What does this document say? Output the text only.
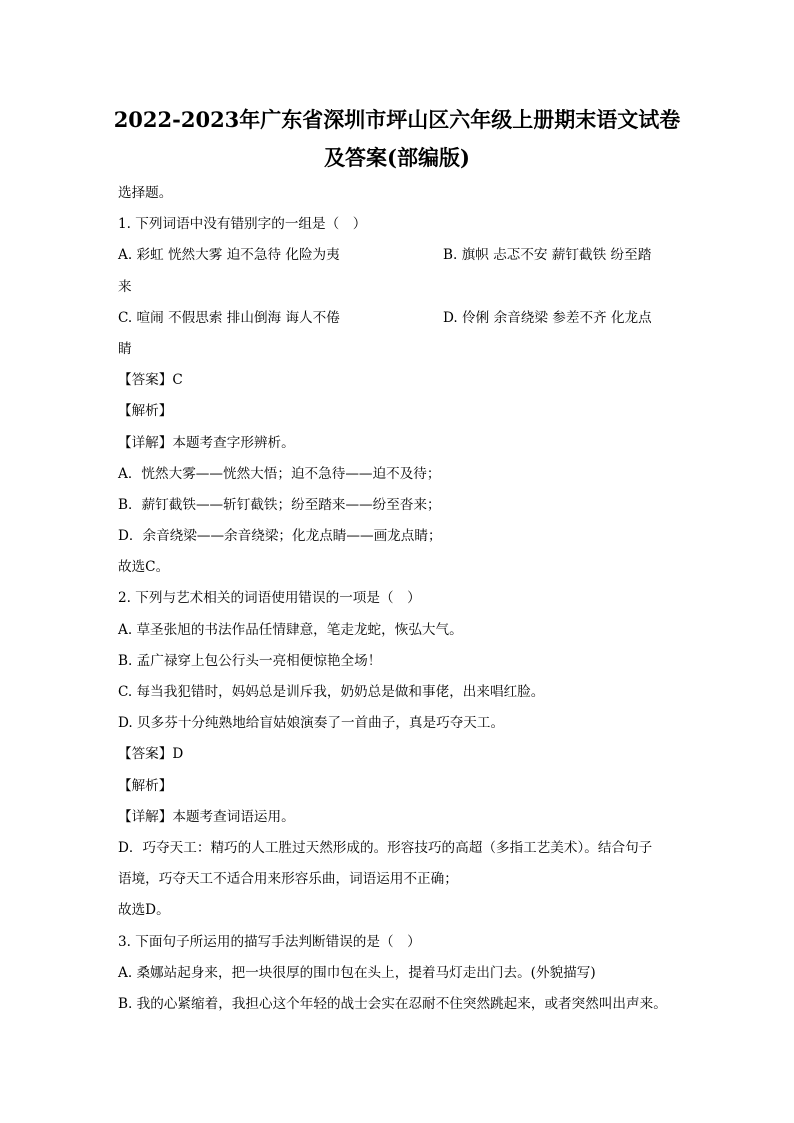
2022-2023年广东省深圳市坪山区六年级上册期末语文试卷
及答案(部编版)
选择题。
1. 下列词语中没有错别字的一组是（　）
A. 彩虹 恍然大雾 迫不急待 化险为夷	B. 旗帜 忐忑不安 薪钉截铁 纷至踏
来
C. 喧闹 不假思索 排山倒海 诲人不倦	D. 伶俐 余音绕梁 参差不齐 化龙点
睛
【答案】C
【解析】
【详解】本题考查字形辨析。
A．恍然大雾——恍然大悟；迫不急待——迫不及待；
B．薪钉截铁——斩钉截铁；纷至踏来——纷至沓来；
D．余音绕梁——余音绕梁；化龙点睛——画龙点睛；
故选C。
2. 下列与艺术相关的词语使用错误的一项是（　）
A. 草圣张旭的书法作品任情肆意，笔走龙蛇，恢弘大气。
B. 孟广禄穿上包公行头一亮相便惊艳全场！
C. 每当我犯错时，妈妈总是训斥我，奶奶总是做和事佬，出来唱红脸。
D. 贝多芬十分纯熟地给盲姑娘演奏了一首曲子，真是巧夺天工。
【答案】D
【解析】
【详解】本题考查词语运用。
D．巧夺天工：精巧的人工胜过天然形成的。形容技巧的高超（多指工艺美术）。结合句子
语境，巧夺天工不适合用来形容乐曲，词语运用不正确；
故选D。
3. 下面句子所运用的描写手法判断错误的是（　）
A. 桑娜站起身来，把一块很厚的围巾包在头上，提着马灯走出门去。(外貌描写)
B. 我的心紧缩着，我担心这个年轻的战士会实在忍耐不住突然跳起来，或者突然叫出声来。
